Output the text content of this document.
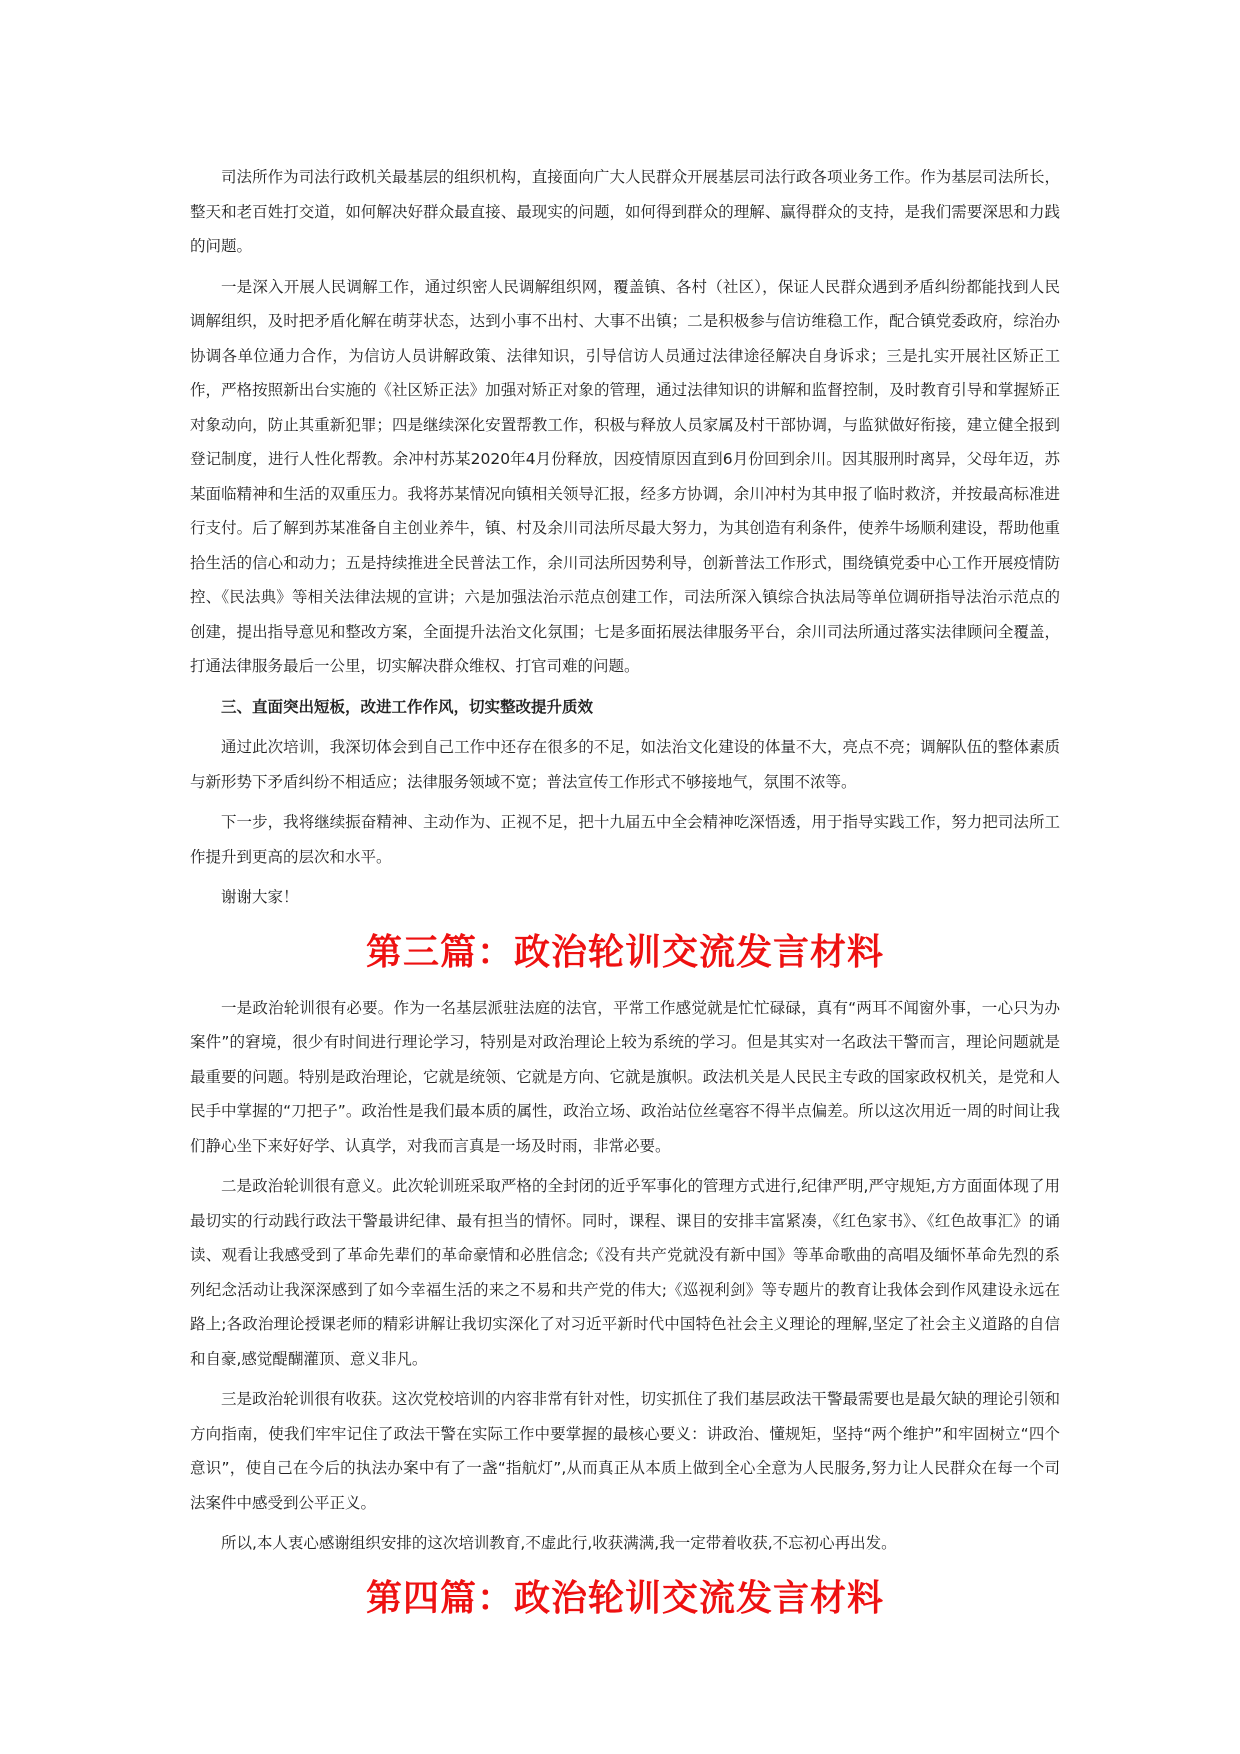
司法所作为司法行政机关最基层的组织机构，直接面向广大人民群众开展基层司法行政各项业务工作。作为基层司法所长，整天和老百姓打交道，如何解决好群众最直接、最现实的问题，如何得到群众的理解、赢得群众的支持，是我们需要深思和力践的问题。

一是深入开展人民调解工作，通过织密人民调解组织网，覆盖镇、各村（社区），保证人民群众遇到矛盾纠纷都能找到人民调解组织，及时把矛盾化解在萌芽状态，达到小事不出村、大事不出镇；二是积极参与信访维稳工作，配合镇党委政府，综治办协调各单位通力合作，为信访人员讲解政策、法律知识，引导信访人员通过法律途径解决自身诉求；三是扎实开展社区矫正工作，严格按照新出台实施的《社区矫正法》加强对矫正对象的管理，通过法律知识的讲解和监督控制，及时教育引导和掌握矫正对象动向，防止其重新犯罪；四是继续深化安置帮教工作，积极与释放人员家属及村干部协调，与监狱做好衔接，建立健全报到登记制度，进行人性化帮教。余冲村苏某2020年4月份释放，因疫情原因直到6月份回到余川。因其服刑时离异，父母年迈，苏某面临精神和生活的双重压力。我将苏某情况向镇相关领导汇报，经多方协调，余川冲村为其申报了临时救济，并按最高标准进行支付。后了解到苏某准备自主创业养牛，镇、村及余川司法所尽最大努力，为其创造有利条件，使养牛场顺利建设，帮助他重拾生活的信心和动力；五是持续推进全民普法工作，余川司法所因势利导，创新普法工作形式，围绕镇党委中心工作开展疫情防控、《民法典》等相关法律法规的宣讲；六是加强法治示范点创建工作，司法所深入镇综合执法局等单位调研指导法治示范点的创建，提出指导意见和整改方案，全面提升法治文化氛围；七是多面拓展法律服务平台，余川司法所通过落实法律顾问全覆盖，打通法律服务最后一公里，切实解决群众维权、打官司难的问题。

三、直面突出短板，改进工作作风，切实整改提升质效

通过此次培训，我深切体会到自己工作中还存在很多的不足，如法治文化建设的体量不大，亮点不亮；调解队伍的整体素质与新形势下矛盾纠纷不相适应；法律服务领域不宽；普法宣传工作形式不够接地气，氛围不浓等。

下一步，我将继续振奋精神、主动作为、正视不足，把十九届五中全会精神吃深悟透，用于指导实践工作，努力把司法所工作提升到更高的层次和水平。

谢谢大家！

第三篇：政治轮训交流发言材料

一是政治轮训很有必要。作为一名基层派驻法庭的法官，平常工作感觉就是忙忙碌碌，真有“两耳不闻窗外事，一心只为办案件”的窘境，很少有时间进行理论学习，特别是对政治理论上较为系统的学习。但是其实对一名政法干警而言，理论问题就是最重要的问题。特别是政治理论，它就是统领、它就是方向、它就是旗帜。政法机关是人民民主专政的国家政权机关，是党和人民手中掌握的“刀把子”。政治性是我们最本质的属性，政治立场、政治站位丝毫容不得半点偏差。所以这次用近一周的时间让我们静心坐下来好好学、认真学，对我而言真是一场及时雨，非常必要。

二是政治轮训很有意义。此次轮训班采取严格的全封闭的近乎军事化的管理方式进行,纪律严明,严守规矩,方方面面体现了用最切实的行动践行政法干警最讲纪律、最有担当的情怀。同时，课程、课目的安排丰富紧凑，《红色家书》、《红色故事汇》的诵读、观看让我感受到了革命先辈们的革命豪情和必胜信念;《没有共产党就没有新中国》等革命歌曲的高唱及缅怀革命先烈的系列纪念活动让我深深感到了如今幸福生活的来之不易和共产党的伟大;《巡视利剑》等专题片的教育让我体会到作风建设永远在路上;各政治理论授课老师的精彩讲解让我切实深化了对习近平新时代中国特色社会主义理论的理解,坚定了社会主义道路的自信和自豪,感觉醍醐灌顶、意义非凡。

三是政治轮训很有收获。这次党校培训的内容非常有针对性，切实抓住了我们基层政法干警最需要也是最欠缺的理论引领和方向指南，使我们牢牢记住了政法干警在实际工作中要掌握的最核心要义：讲政治、懂规矩，坚持“两个维护”和牢固树立“四个意识”，使自己在今后的执法办案中有了一盏“指航灯”,从而真正从本质上做到全心全意为人民服务,努力让人民群众在每一个司法案件中感受到公平正义。

所以,本人衷心感谢组织安排的这次培训教育,不虚此行,收获满满,我一定带着收获,不忘初心再出发。

第四篇：政治轮训交流发言材料
